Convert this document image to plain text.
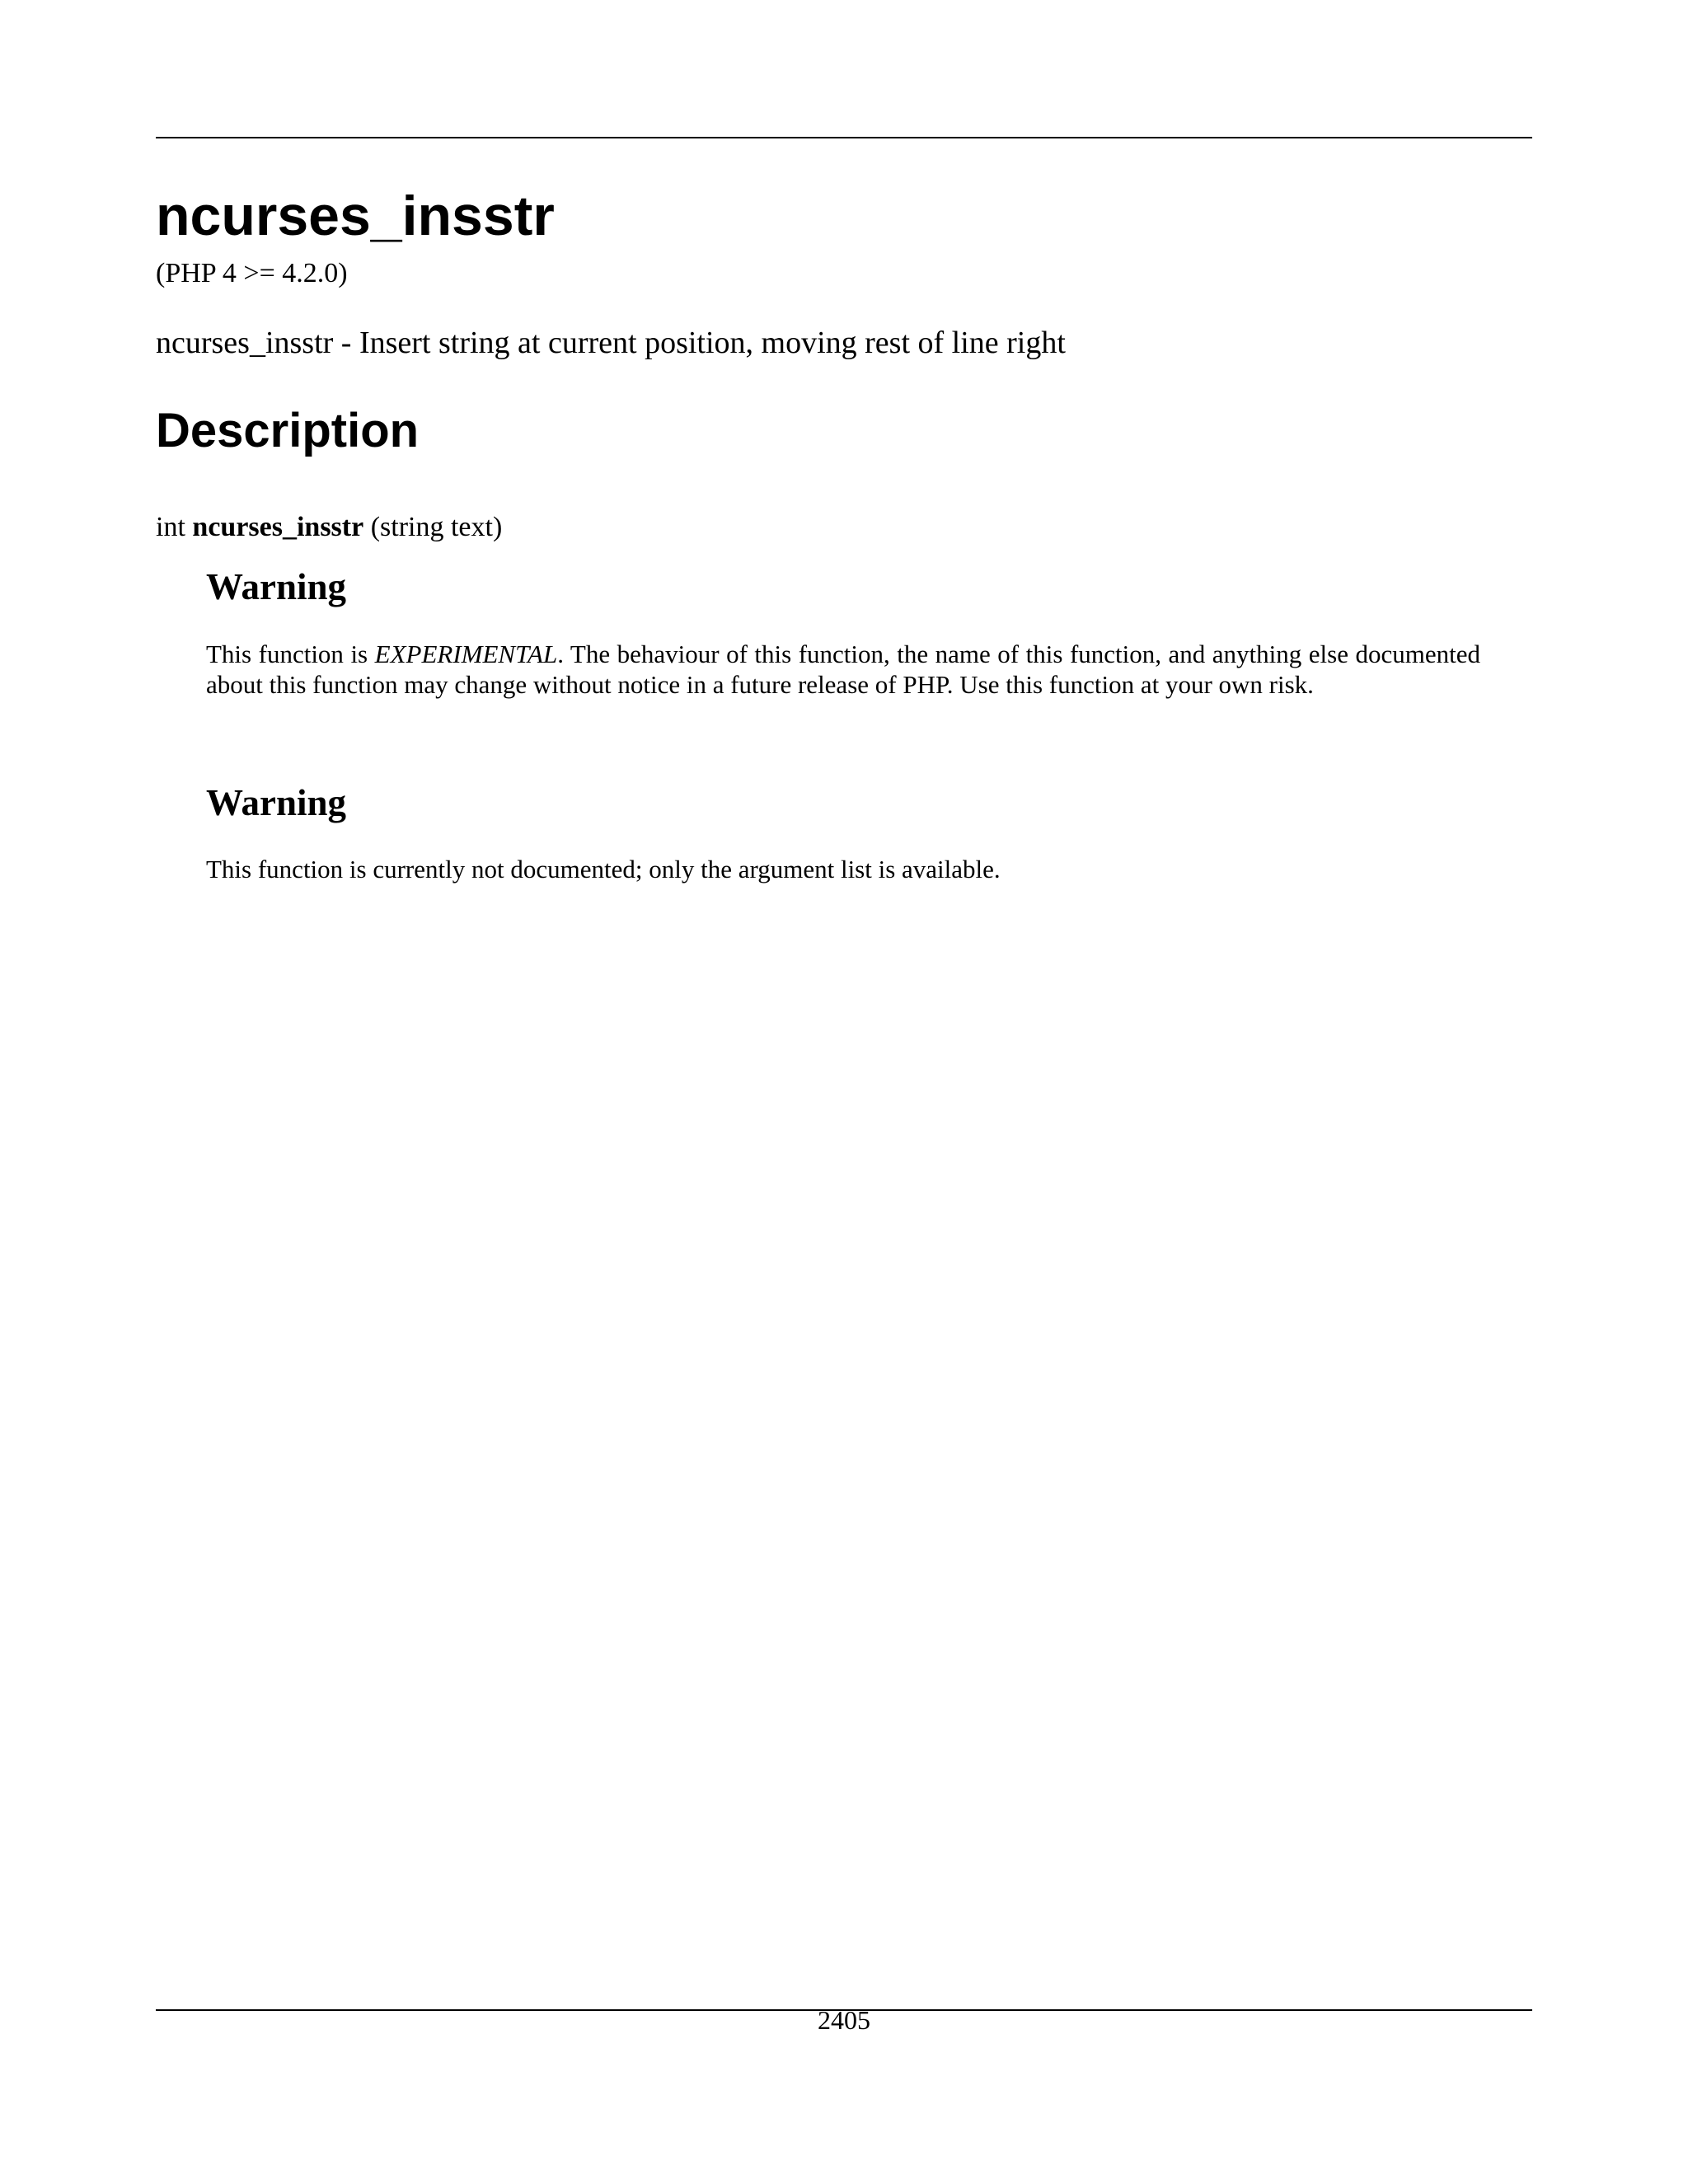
ncurses_insstr
(PHP 4 >= 4.2.0)
ncurses_insstr - Insert string at current position, moving rest of line right
Description
int ncurses_insstr (string text)
Warning

This function is EXPERIMENTAL. The behaviour of this function, the name of this function, and anything else documented about this function may change without notice in a future release of PHP. Use this function at your own risk.

Warning

This function is currently not documented; only the argument list is available.

2405
